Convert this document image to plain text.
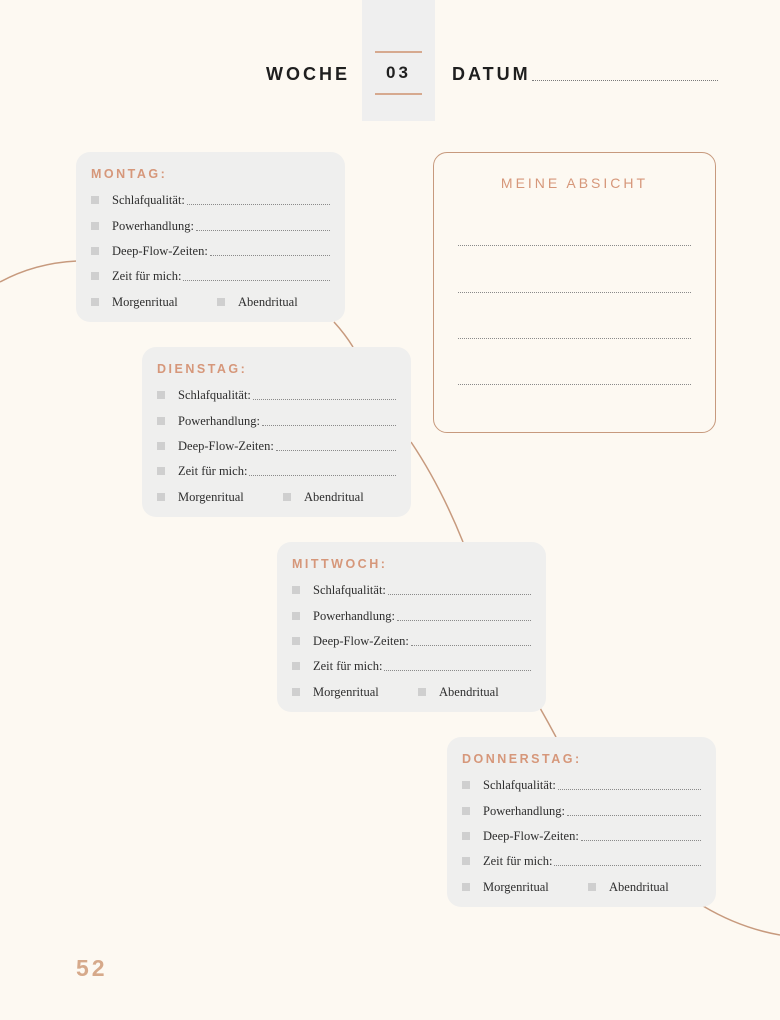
WOCHE	03	DATUM
MONTAG:
Schlafqualität:
Powerhandlung:
Deep-Flow-Zeiten:
Zeit für mich:
Morgenritual	Abendritual
DIENSTAG:
Schlafqualität:
Powerhandlung:
Deep-Flow-Zeiten:
Zeit für mich:
Morgenritual	Abendritual
MITTWOCH:
Schlafqualität:
Powerhandlung:
Deep-Flow-Zeiten:
Zeit für mich:
Morgenritual	Abendritual
DONNERSTAG:
Schlafqualität:
Powerhandlung:
Deep-Flow-Zeiten:
Zeit für mich:
Morgenritual	Abendritual
MEINE ABSICHT
52
